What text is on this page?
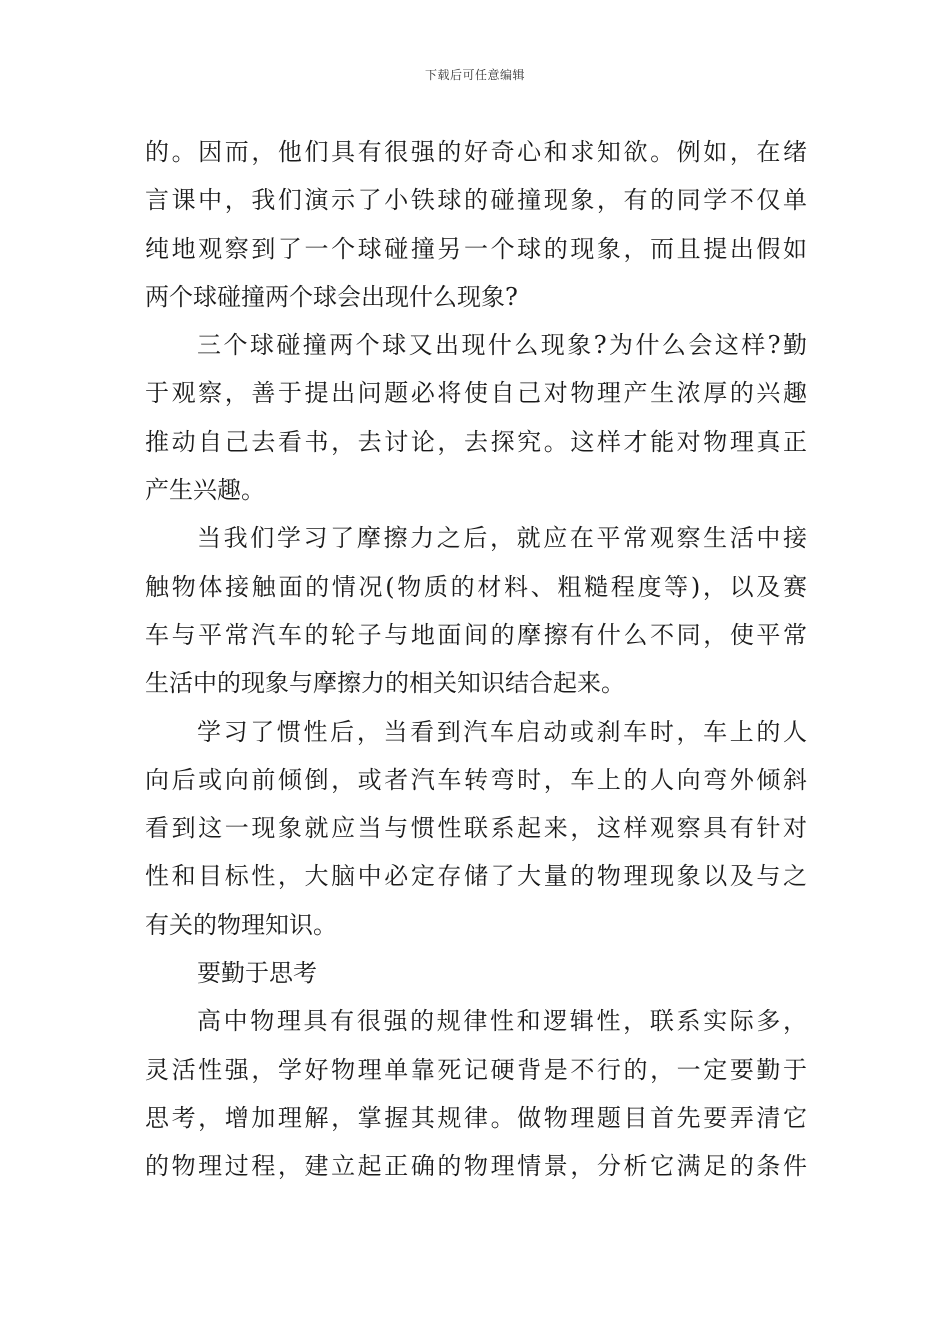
下载后可任意编辑
的。因而，他们具有很强的好奇心和求知欲。例如，在绪
言课中，我们演示了小铁球的碰撞现象，有的同学不仅单
纯地观察到了一个球碰撞另一个球的现象，而且提出假如
两个球碰撞两个球会出现什么现象?
三个球碰撞两个球又出现什么现象?为什么会这样?勤
于观察，善于提出问题必将使自己对物理产生浓厚的兴趣
推动自己去看书，去讨论，去探究。这样才能对物理真正
产生兴趣。
当我们学习了摩擦力之后，就应在平常观察生活中接
触物体接触面的情况(物质的材料、粗糙程度等)，以及赛
车与平常汽车的轮子与地面间的摩擦有什么不同，使平常
生活中的现象与摩擦力的相关知识结合起来。
学习了惯性后，当看到汽车启动或刹车时，车上的人
向后或向前倾倒，或者汽车转弯时，车上的人向弯外倾斜
看到这一现象就应当与惯性联系起来，这样观察具有针对
性和目标性，大脑中必定存储了大量的物理现象以及与之
有关的物理知识。
要勤于思考
高中物理具有很强的规律性和逻辑性，联系实际多，
灵活性强，学好物理单靠死记硬背是不行的，一定要勤于
思考，增加理解，掌握其规律。做物理题目首先要弄清它
的物理过程，建立起正确的物理情景，分析它满足的条件
